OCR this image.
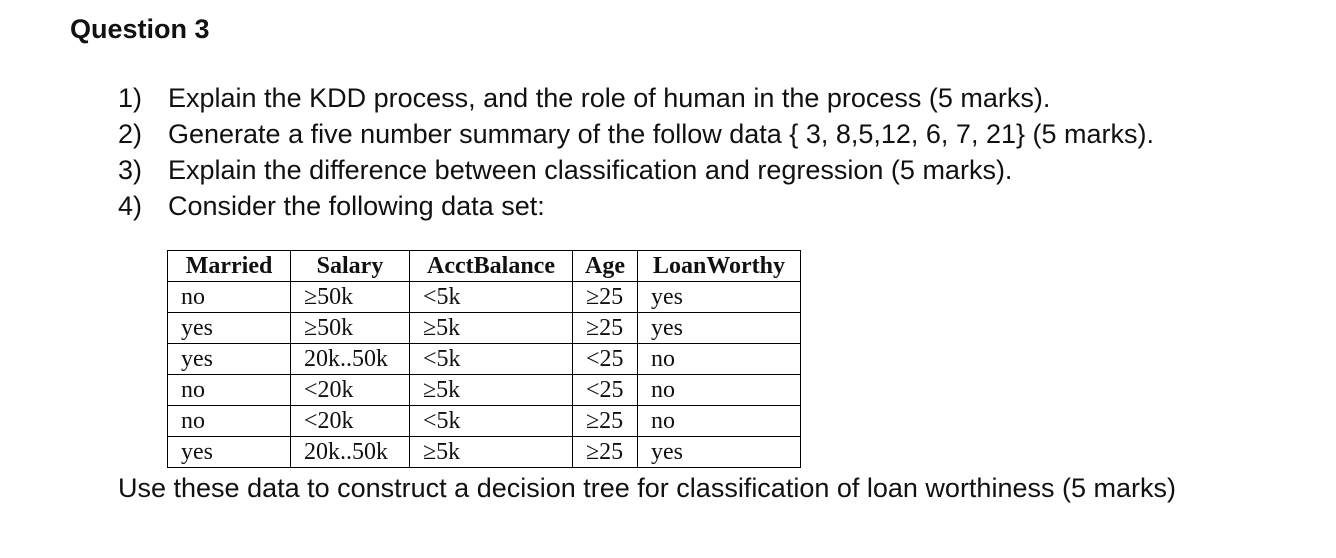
Question 3
1) Explain the KDD process, and the role of human in the process (5 marks).
2) Generate a five number summary of the follow data { 3, 8,5,12, 6, 7, 21} (5 marks).
3) Explain the difference between classification and regression (5 marks).
4) Consider the following data set:
Married	Salary	AcctBalance	Age	LoanWorthy
no	≥50k	<5k	≥25	yes
yes	≥50k	≥5k	≥25	yes
yes	20k..50k	<5k	<25	no
no	<20k	≥5k	<25	no
no	<20k	<5k	≥25	no
yes	20k..50k	≥5k	≥25	yes
Use these data to construct a decision tree for classification of loan worthiness (5 marks)
